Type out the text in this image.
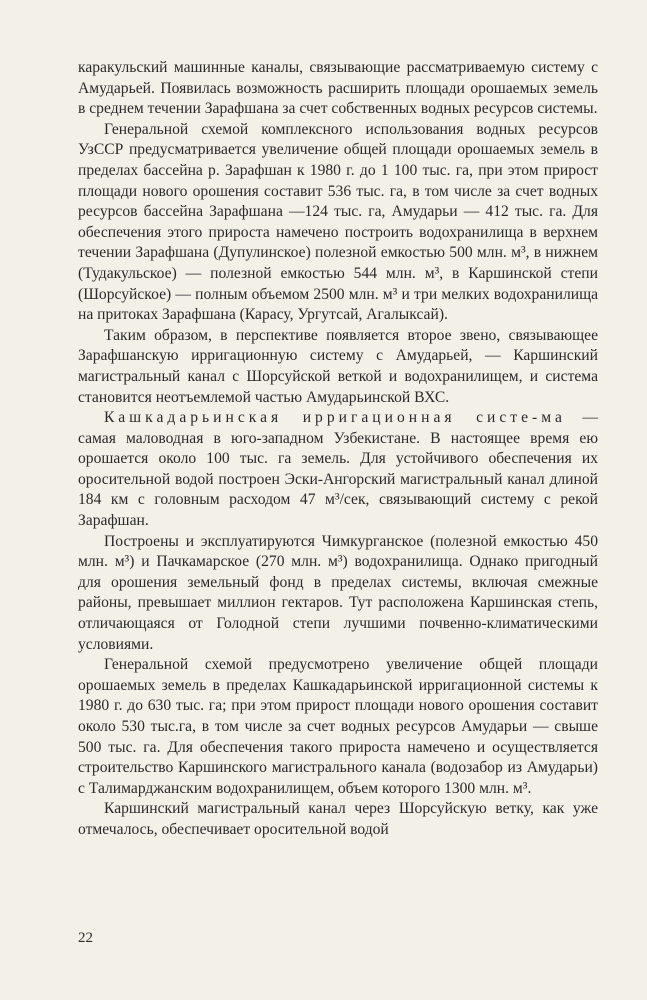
каракульский машинные каналы, связывающие рассматриваемую систему с Амударьей. Появилась возможность расширить площади орошаемых земель в среднем течении Зарафшана за счет собственных водных ресурсов системы.

Генеральной схемой комплексного использования водных ресурсов УзССР предусматривается увеличение общей площади орошаемых земель в пределах бассейна р. Зарафшан к 1980 г. до 1 100 тыс. га, при этом прирост площади нового орошения составит 536 тыс. га, в том числе за счет водных ресурсов бассейна Зарафшана —124 тыс. га, Амударьи — 412 тыс. га. Для обеспечения этого прироста намечено построить водохранилища в верхнем течении Зарафшана (Дупулинское) полезной емкостью 500 млн. м³, в нижнем (Тудакульское) — полезной емкостью 544 млн. м³, в Каршинской степи (Шорсуйское) — полным объемом 2500 млн. м³ и три мелких водохранилища на притоках Зарафшана (Карасу, Ургутсай, Агалыксай).

Таким образом, в перспективе появляется второе звено, связывающее Зарафшанскую ирригационную систему с Амударьей, — Каршинский магистральный канал с Шорсуйской веткой и водохранилищем, и система становится неотъемлемой частью Амударьинской ВХС.

Кашкадарьинская ирригационная систе-ма — самая маловодная в юго-западном Узбекистане. В настоящее время ею орошается около 100 тыс. га земель. Для устойчивого обеспечения их оросительной водой построен Эски-Ангорский магистральный канал длиной 184 км с головным расходом 47 м³/сек, связывающий систему с рекой Зарафшан.

Построены и эксплуатируются Чимкурганское (полезной емкостью 450 млн. м³) и Пачкамарское (270 млн. м³) водохранилища. Однако пригодный для орошения земельный фонд в пределах системы, включая смежные районы, превышает миллион гектаров. Тут расположена Каршинская степь, отличающаяся от Голодной степи лучшими почвенно-климатическими условиями.

Генеральной схемой предусмотрено увеличение общей площади орошаемых земель в пределах Кашкадарьинской ирригационной системы к 1980 г. до 630 тыс. га; при этом прирост площади нового орошения составит около 530 тыс.га, в том числе за счет водных ресурсов Амударьи — свыше 500 тыс. га. Для обеспечения такого прироста намечено и осуществляется строительство Каршинского магистрального канала (водозабор из Амударьи) с Талимарджанским водохранилищем, объем которого 1300 млн. м³.

Каршинский магистральный канал через Шорсуйскую ветку, как уже отмечалось, обеспечивает оросительной водой

22
